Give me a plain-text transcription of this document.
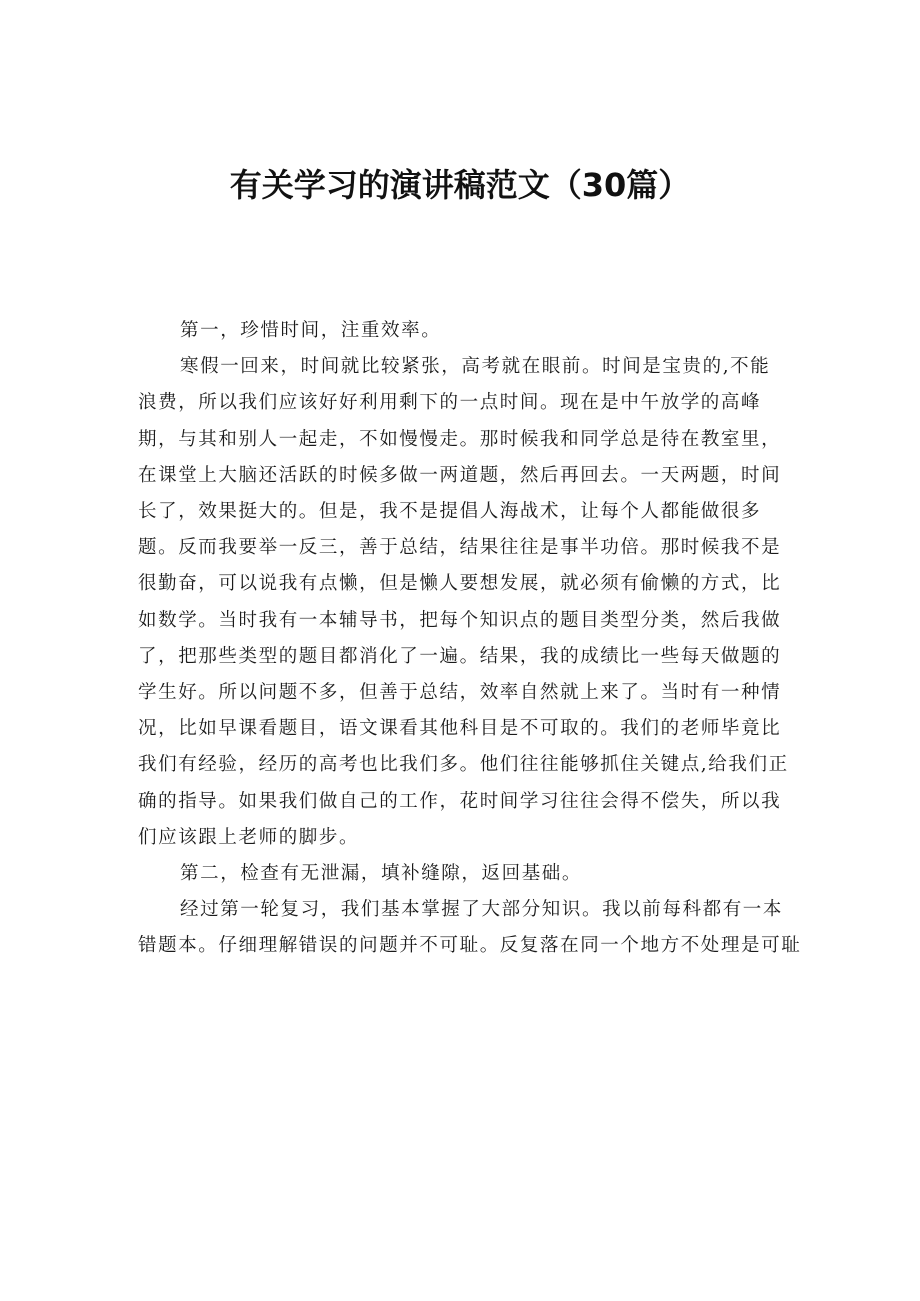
有关学习的演讲稿范文（30篇）
第一，珍惜时间，注重效率。
寒假一回来，时间就比较紧张，高考就在眼前。时间是宝贵的,不能
浪费，所以我们应该好好利用剩下的一点时间。现在是中午放学的高峰
期，与其和别人一起走，不如慢慢走。那时候我和同学总是待在教室里，
在课堂上大脑还活跃的时候多做一两道题，然后再回去。一天两题，时间
长了，效果挺大的。但是，我不是提倡人海战术，让每个人都能做很多
题。反而我要举一反三，善于总结，结果往往是事半功倍。那时候我不是
很勤奋，可以说我有点懒，但是懒人要想发展，就必须有偷懒的方式，比
如数学。当时我有一本辅导书，把每个知识点的题目类型分类，然后我做
了，把那些类型的题目都消化了一遍。结果，我的成绩比一些每天做题的
学生好。所以问题不多，但善于总结，效率自然就上来了。当时有一种情
况，比如早课看题目，语文课看其他科目是不可取的。我们的老师毕竟比
我们有经验，经历的高考也比我们多。他们往往能够抓住关键点,给我们正
确的指导。如果我们做自己的工作，花时间学习往往会得不偿失，所以我
们应该跟上老师的脚步。
第二，检查有无泄漏，填补缝隙，返回基础。
经过第一轮复习，我们基本掌握了大部分知识。我以前每科都有一本
错题本。仔细理解错误的问题并不可耻。反复落在同一个地方不处理是可耻
